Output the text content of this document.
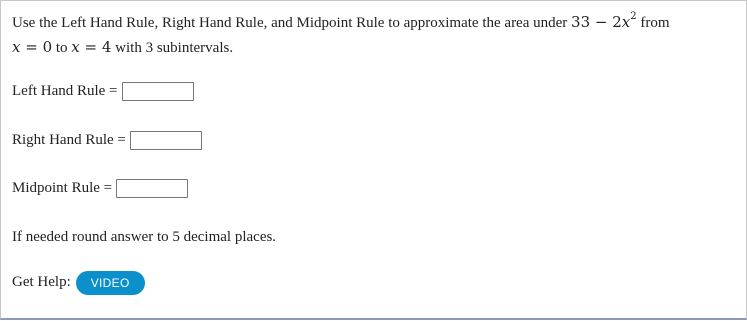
Use the Left Hand Rule, Right Hand Rule, and Midpoint Rule to approximate the area under $33 - 2x^2$ from
x = 0 to x = 4 with 3 subintervals.
Left Hand Rule =
Right Hand Rule =
Midpoint Rule =
If needed round answer to 5 decimal places.
Get Help: VIDEO
